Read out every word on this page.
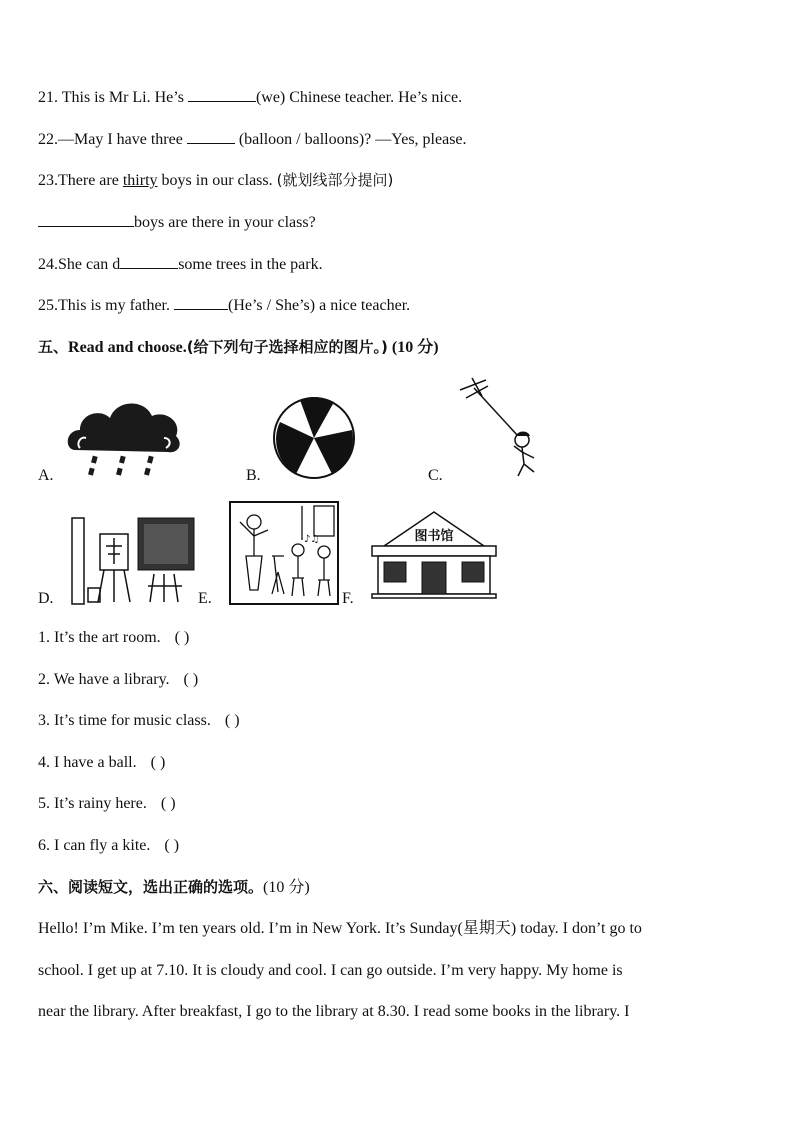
21. This is Mr Li. He’s	(we) Chinese teacher. He’s nice.
22.—May I have three	(balloon / balloons)? —Yes, please.
23.There are thirty boys in our class. (就划线部分提问)
boys are there in your class?
24.She can d	some trees in the park.
25.This is my father.	(He’s / She’s) a nice teacher.
五、Read and choose.(给下列句子选择相应的图片。) (10 分)
A.	B.	C.
D.
♪♫
E.
图书馆
F.
1. It’s the art room. ( )
2. We have a library. ( )
3. It’s time for music class. ( )
4. I have a ball. ( )
5. It’s rainy here. ( )
6. I can fly a kite. ( )
六、阅读短文，选出正确的选项。(10 分)
Hello! I’m Mike. I’m ten years old. I’m in New York. It’s Sunday(星期天) today. I don’t go to
school. I get up at 7.10. It is cloudy and cool. I can go outside. I’m very happy. My home is
near the library. After breakfast, I go to the library at 8.30. I read some books in the library. I
